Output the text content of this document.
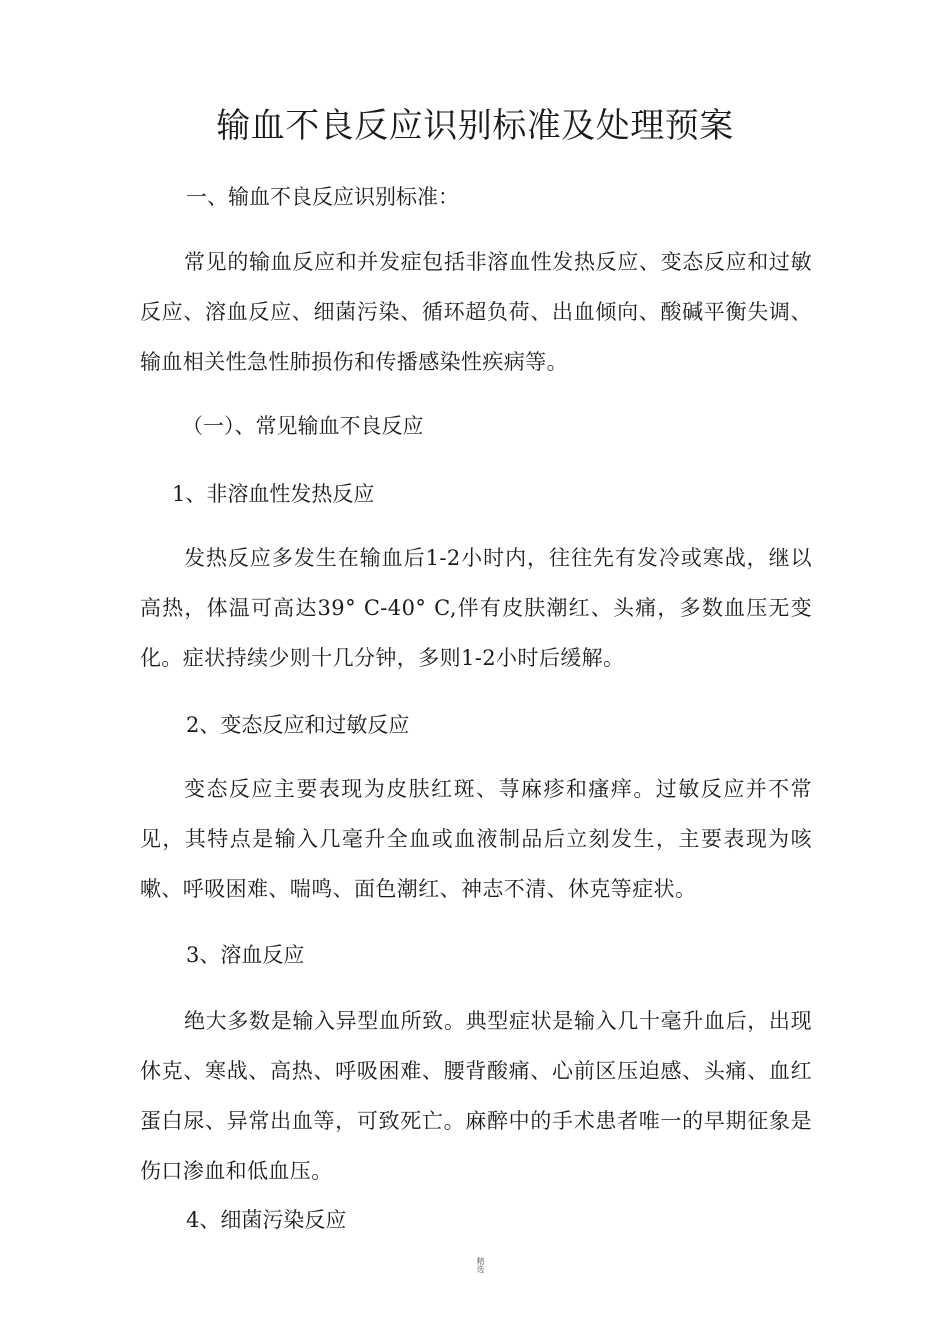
输血不良反应识别标准及处理预案
一、输血不良反应识别标准：

常见的输血反应和并发症包括非溶血性发热反应、变态反应和过敏反应、溶血反应、细菌污染、循环超负荷、出血倾向、酸碱平衡失调、输血相关性急性肺损伤和传播感染性疾病等。

（一）、常见输血不良反应
1、非溶血性发热反应

发热反应多发生在输血后1-2小时内，往往先有发冷或寒战，继以高热，体温可高达39° C-40° C,伴有皮肤潮红、头痛，多数血压无变化。症状持续少则十几分钟，多则1-2小时后缓解。

2、变态反应和过敏反应

变态反应主要表现为皮肤红斑、荨麻疹和瘙痒。过敏反应并不常见，其特点是输入几毫升全血或血液制品后立刻发生，主要表现为咳嗽、呼吸困难、喘鸣、面色潮红、神志不清、休克等症状。

3、溶血反应

绝大多数是输入异型血所致。典型症状是输入几十毫升血后，出现休克、寒战、高热、呼吸困难、腰背酸痛、心前区压迫感、头痛、血红蛋白尿、异常出血等，可致死亡。麻醉中的手术患者唯一的早期征象是伤口渗血和低血压。

4、细菌污染反应
精选
